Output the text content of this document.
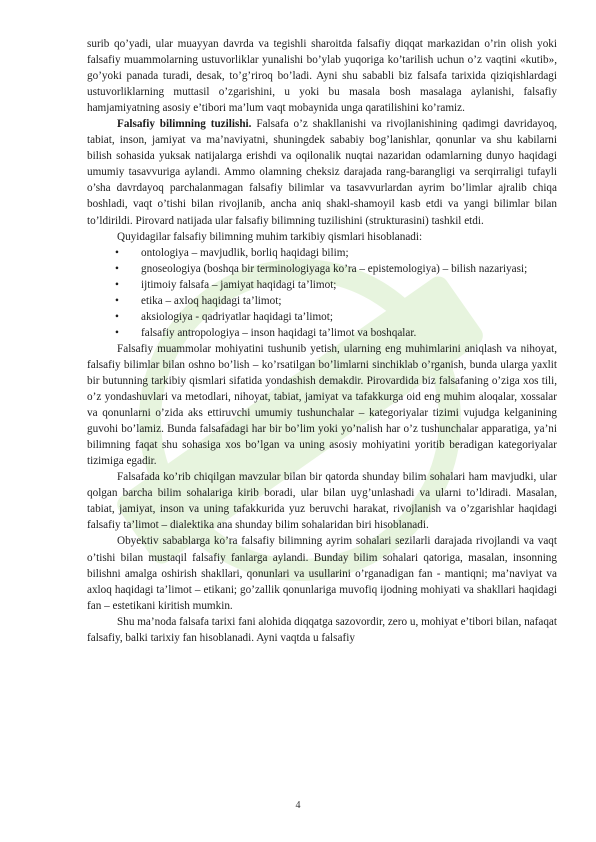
surib qo’yadi, ular muayyan davrda va tegishli sharoitda falsafiy diqqat markazidan o’rin olish yoki falsafiy muammolarning ustuvorliklar yunalishi bo’ylab yuqoriga ko’tarilish uchun o’z vaqtini «kutib», go’yoki panada turadi, desak, to’g’riroq bo’ladi. Ayni shu sababli biz falsafa tarixida qiziqishlardagi ustuvorliklarning muttasil o’zgarishini, u yoki bu masala bosh masalaga aylanishi, falsafiy hamjamiyatning asosiy e’tibori ma’lum vaqt mobaynida unga qaratilishini ko’ramiz.

Falsafiy bilimning tuzilishi. Falsafa o’z shakllanishi va rivojlanishining qadimgi davridayoq, tabiat, inson, jamiyat va ma’naviyatni, shuningdek sababiy bog’lanishlar, qonunlar va shu kabilarni bilish sohasida yuksak natijalarga erishdi va oqilonalik nuqtai nazaridan odamlarning dunyo haqidagi umumiy tasavvuriga aylandi. Ammo olamning cheksiz darajada rang-barangligi va serqirraligi tufayli o’sha davrdayoq parchalanmagan falsafiy bilimlar va tasavvurlardan ayrim bo’limlar ajralib chiqa boshladi, vaqt o’tishi bilan rivojlanib, ancha aniq shakl-shamoyil kasb etdi va yangi bilimlar bilan to’ldirildi. Pirovard natijada ular falsafiy bilimning tuzilishini (strukturasini) tashkil etdi.

Quyidagilar falsafiy bilimning muhim tarkibiy qismlari hisoblanadi:

• ontologiya – mavjudlik, borliq haqidagi bilim;
• gnoseologiya (boshqa bir terminologiyaga ko’ra – epistemologiya) – bilish nazariyasi;
• ijtimoiy falsafa – jamiyat haqidagi ta’limot;
• etika – axloq haqidagi ta’limot;
• aksiologiya - qadriyatlar haqidagi ta’limot;
• falsafiy antropologiya – inson haqidagi ta’limot va boshqalar.

Falsafiy muammolar mohiyatini tushunib yetish, ularning eng muhimlarini aniqlash va nihoyat, falsafiy bilimlar bilan oshno bo’lish – ko’rsatilgan bo’limlarni sinchiklab o’rganish, bunda ularga yaxlit bir butunning tarkibiy qismlari sifatida yondashish demakdir. Pirovardida biz falsafaning o’ziga xos tili, o’z yondashuvlari va metodlari, nihoyat, tabiat, jamiyat va tafakkurga oid eng muhim aloqalar, xossalar va qonunlarni o’zida aks ettiruvchi umumiy tushunchalar – kategoriyalar tizimi vujudga kelganining guvohi bo’lamiz. Bunda falsafadagi har bir bo’lim yoki yo’nalish har o’z tushunchalar apparatiga, ya’ni bilimning faqat shu sohasiga xos bo’lgan va uning asosiy mohiyatini yoritib beradigan kategoriyalar tizimiga egadir.

Falsafada ko’rib chiqilgan mavzular bilan bir qatorda shunday bilim sohalari ham mavjudki, ular qolgan barcha bilim sohalariga kirib boradi, ular bilan uyg’unlashadi va ularni to’ldiradi. Masalan, tabiat, jamiyat, inson va uning tafakkurida yuz beruvchi harakat, rivojlanish va o’zgarishlar haqidagi falsafiy ta’limot – dialektika ana shunday bilim sohalaridan biri hisoblanadi.

Obyektiv sabablarga ko’ra falsafiy bilimning ayrim sohalari sezilarli darajada rivojlandi va vaqt o’tishi bilan mustaqil falsafiy fanlarga aylandi. Bunday bilim sohalari qatoriga, masalan, insonning bilishni amalga oshirish shakllari, qonunlari va usullarini o’rganadigan fan - mantiqni; ma’naviyat va axloq haqidagi ta’limot – etikani; go’zallik qonunlariga muvofiq ijodning mohiyati va shakllari haqidagi fan – estetikani kiritish mumkin.

Shu ma’noda falsafa tarixi fani alohida diqqatga sazovordir, zero u, mohiyat e’tibori bilan, nafaqat falsafiy, balki tarixiy fan hisoblanadi. Ayni vaqtda u falsafiy

4
